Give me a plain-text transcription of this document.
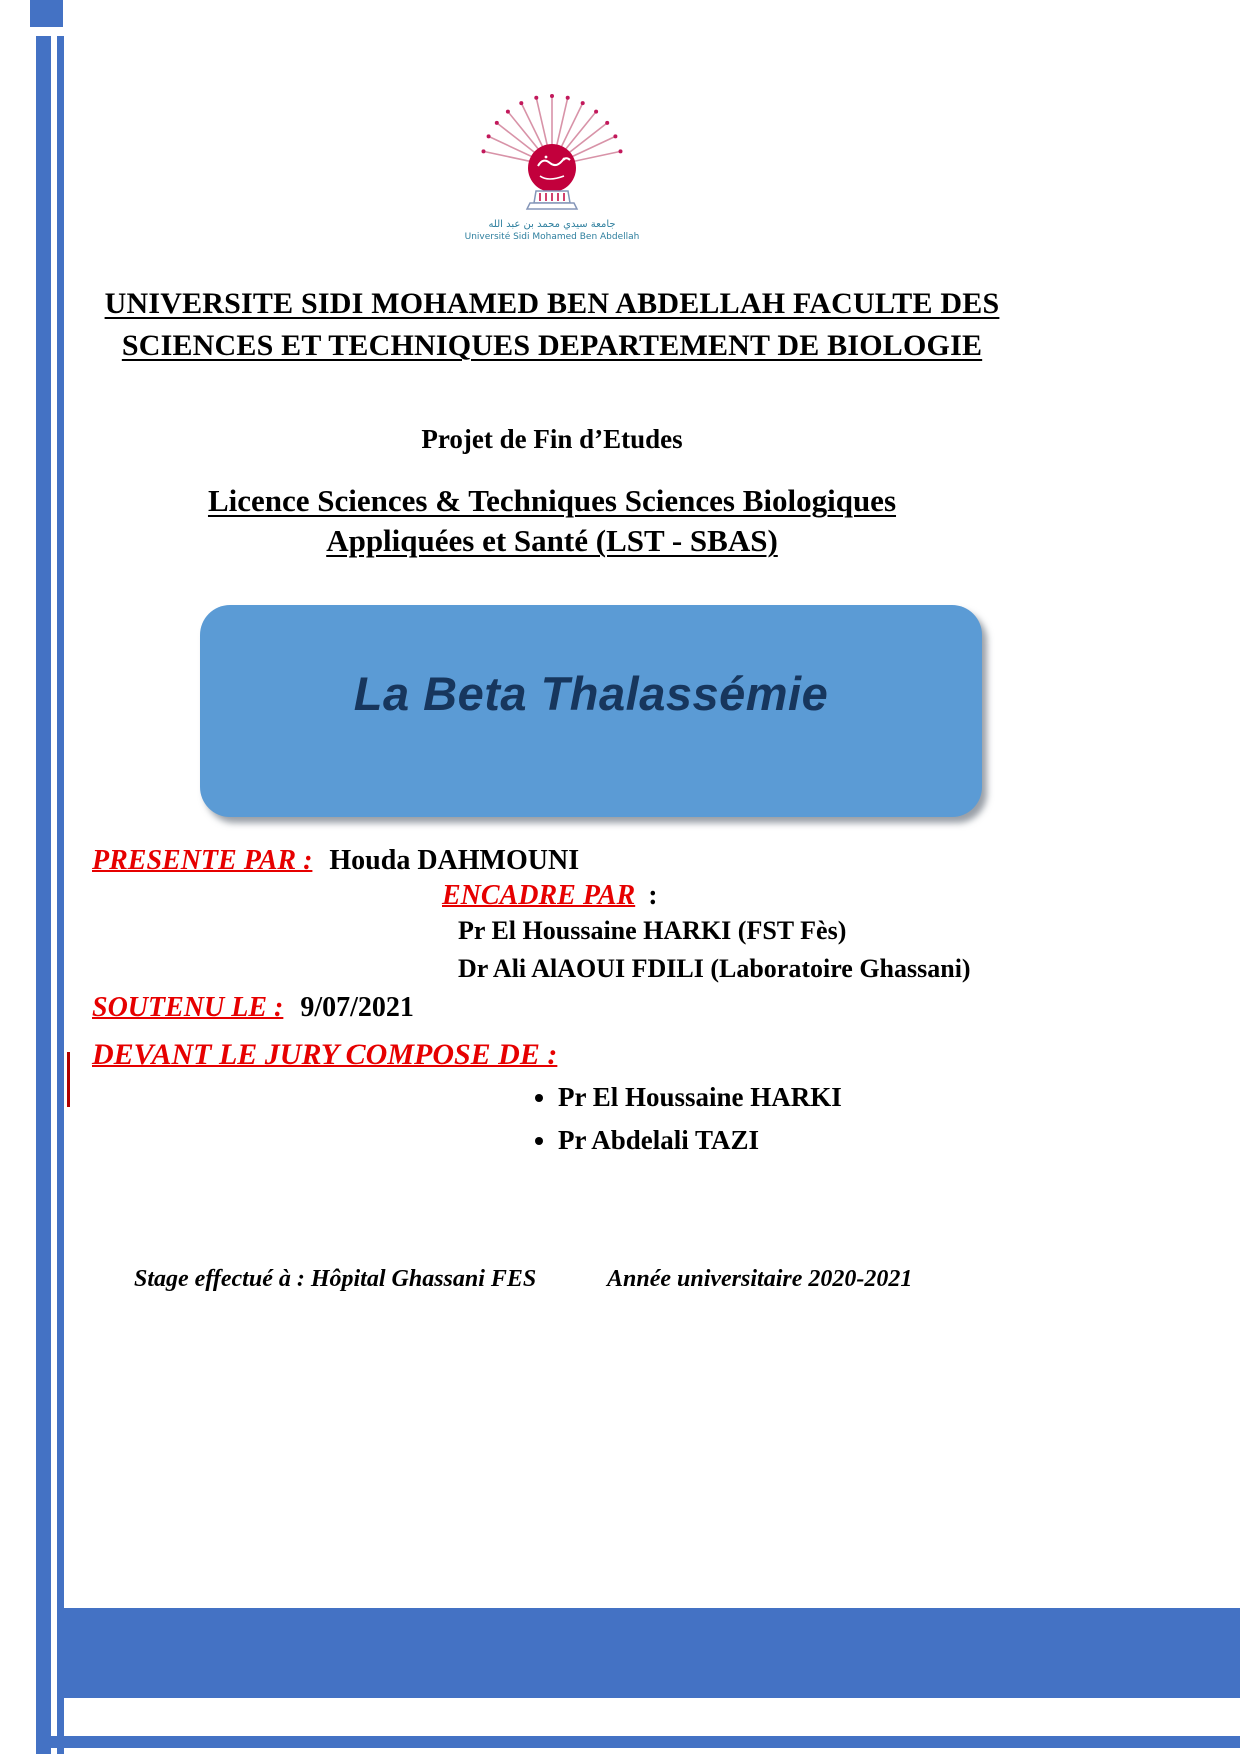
جامعة سيدي محمد بن عبد الله
Université Sidi Mohamed Ben Abdellah
UNIVERSITE SIDI MOHAMED BEN ABDELLAH FACULTE DES
SCIENCES ET TECHNIQUES DEPARTEMENT DE BIOLOGIE
Projet de Fin d’Etudes
Licence Sciences & Techniques Sciences Biologiques
Appliquées et Santé (LST - SBAS)
La Beta Thalassémie
PRESENTE PAR : Houda DAHMOUNI
ENCADRE PAR :
Pr El Houssaine HARKI (FST Fès)
Dr Ali AlAOUI FDILI (Laboratoire Ghassani)
SOUTENU LE : 9/07/2021
DEVANT LE JURY COMPOSE DE :
• Pr El Houssaine HARKI
• Pr Abdelali TAZI
Stage effectué à : Hôpital Ghassani FES	Année universitaire 2020-2021
